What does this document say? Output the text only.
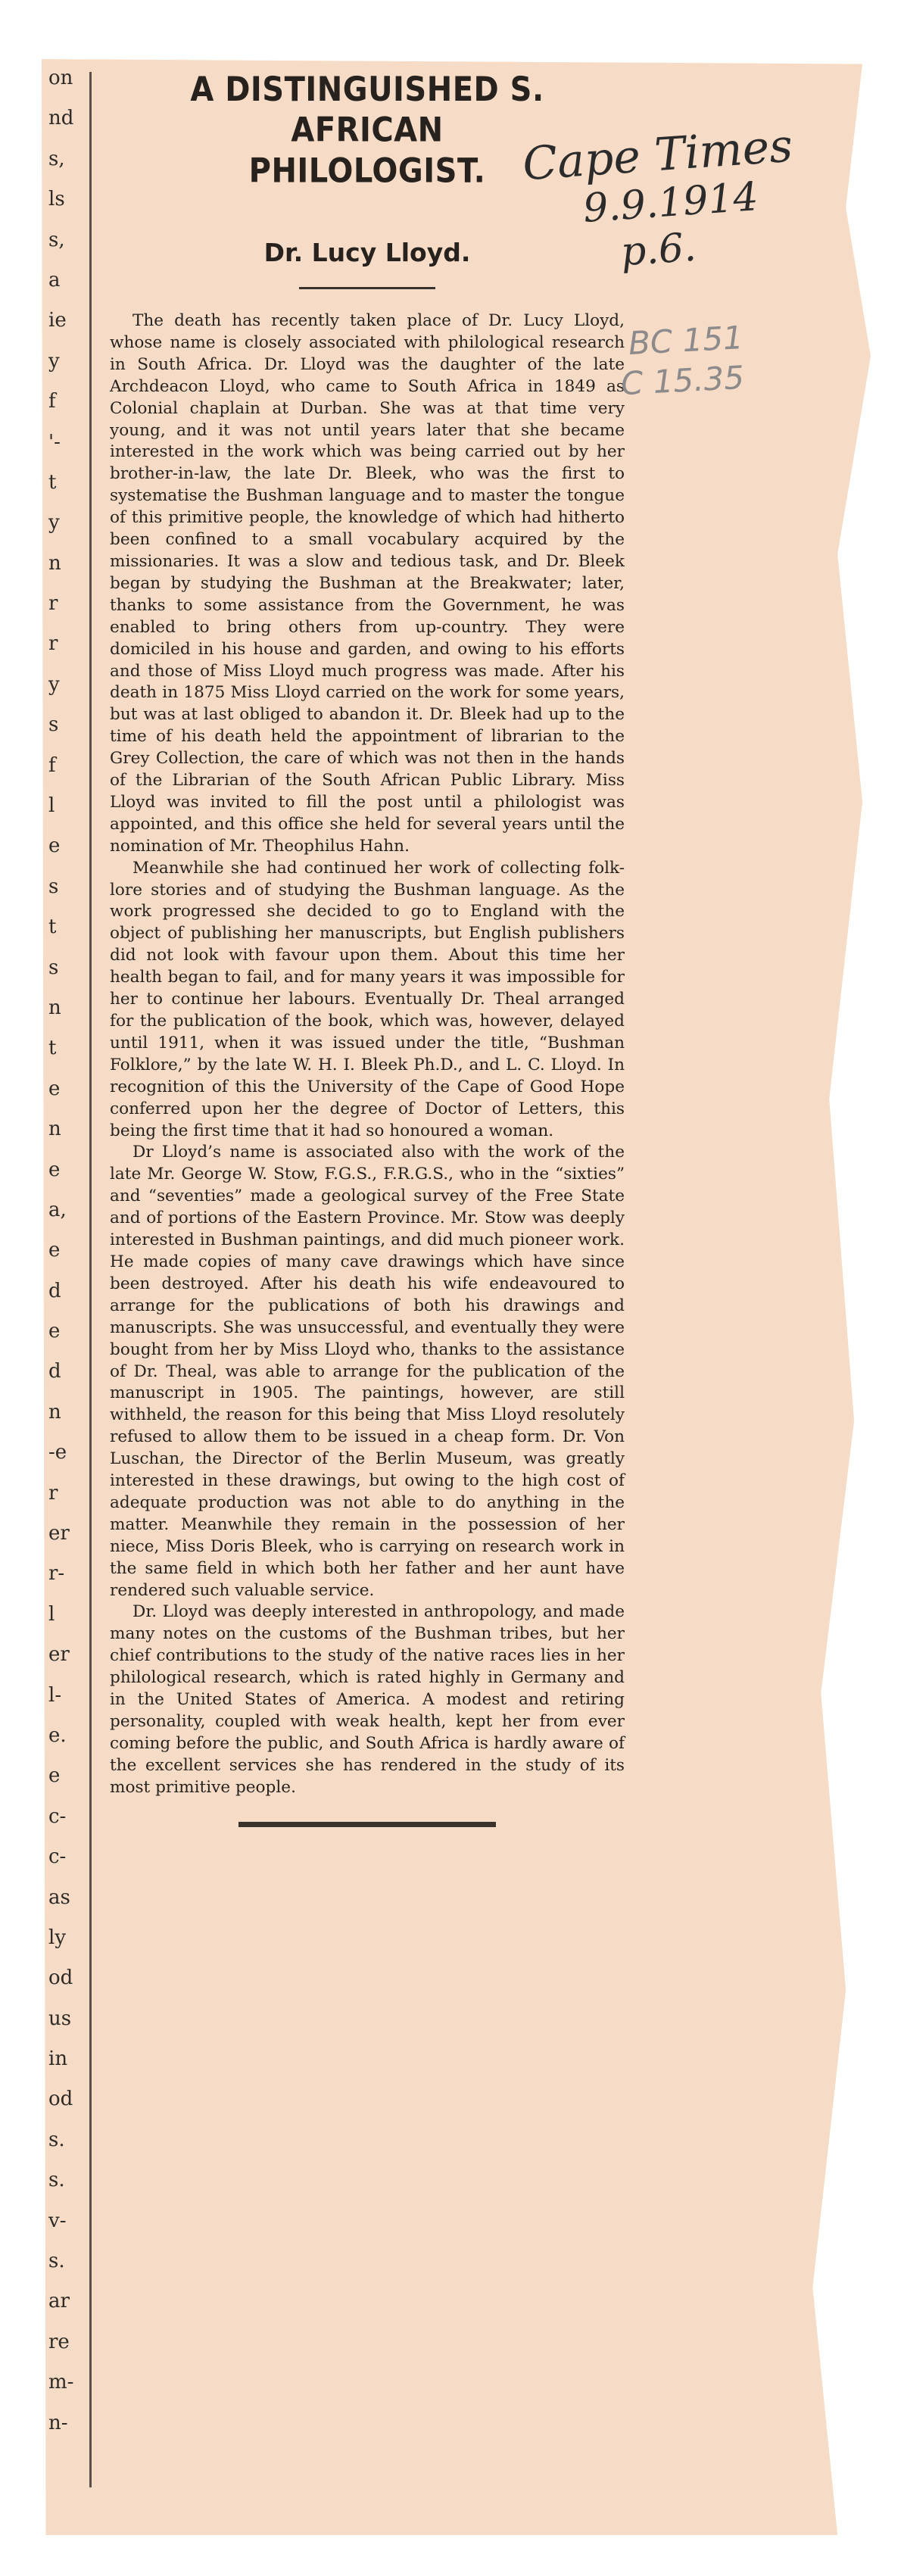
on
nd
s,
ls
s,
a
ie
y
f
'-
t
y
n
r
r
y
s
f
l
e
s
t
s
n
t
e
n
e
a,
e
d
e
d
n
-e
r
er
r-
l
er
l-
e.
e
c-
c-
as
ly
od
us
in
od
s.
s.
v-
s.
ar
re
m-
n-
A DISTINGUISHED S. AFRICAN
PHILOLOGIST.
Dr. Lucy Lloyd.

The death has recently taken place of Dr. Lucy Lloyd, whose name is closely associated with philological research in South Africa. Dr. Lloyd was the daughter of the late Archdeacon Lloyd, who came to South Africa in 1849 as Colonial chaplain at Durban. She was at that time very young, and it was not until years later that she became interested in the work which was being carried out by her brother-in-law, the late Dr. Bleek, who was the first to systematise the Bushman language and to master the tongue of this primitive people, the knowledge of which had hitherto been confined to a small vocabulary acquired by the missionaries. It was a slow and tedious task, and Dr. Bleek began by studying the Bushman at the Breakwater; later, thanks to some assistance from the Government, he was enabled to bring others from up-country. They were domiciled in his house and garden, and owing to his efforts and those of Miss Lloyd much progress was made. After his death in 1875 Miss Lloyd carried on the work for some years, but was at last obliged to abandon it. Dr. Bleek had up to the time of his death held the appointment of librarian to the Grey Collection, the care of which was not then in the hands of the Librarian of the South African Public Library. Miss Lloyd was invited to fill the post until a philologist was appointed, and this office she held for several years until the nomination of Mr. Theophilus Hahn.

Meanwhile she had continued her work of collecting folk-lore stories and of studying the Bushman language. As the work progressed she decided to go to England with the object of publishing her manuscripts, but English publishers did not look with favour upon them. About this time her health began to fail, and for many years it was impossible for her to continue her labours. Eventually Dr. Theal arranged for the publication of the book, which was, however, delayed until 1911, when it was issued under the title, “Bushman Folklore,” by the late W. H. I. Bleek Ph.D., and L. C. Lloyd. In recognition of this the University of the Cape of Good Hope conferred upon her the degree of Doctor of Letters, this being the first time that it had so honoured a woman.

Dr Lloyd’s name is associated also with the work of the late Mr. George W. Stow, F.G.S., F.R.G.S., who in the “sixties” and “seventies” made a geological survey of the Free State and of portions of the Eastern Province. Mr. Stow was deeply interested in Bushman paintings, and did much pioneer work. He made copies of many cave drawings which have since been destroyed. After his death his wife endeavoured to arrange for the publications of both his drawings and manuscripts. She was unsuccessful, and eventually they were bought from her by Miss Lloyd who, thanks to the assistance of Dr. Theal, was able to arrange for the publication of the manuscript in 1905. The paintings, however, are still withheld, the reason for this being that Miss Lloyd resolutely refused to allow them to be issued in a cheap form. Dr. Von Luschan, the Director of the Berlin Museum, was greatly interested in these drawings, but owing to the high cost of adequate production was not able to do anything in the matter. Meanwhile they remain in the possession of her niece, Miss Doris Bleek, who is carrying on research work in the same field in which both her father and her aunt have rendered such valuable service.

Dr. Lloyd was deeply interested in anthropology, and made many notes on the customs of the Bushman tribes, but her chief contributions to the study of the native races lies in her philological research, which is rated highly in Germany and in the United States of America. A modest and retiring personality, coupled with weak health, kept her from ever coming before the public, and South Africa is hardly aware of the excellent services she has rendered in the study of its most primitive people.

Cape Times
9.9.1914
p.6.
BC 151
C 15.35
